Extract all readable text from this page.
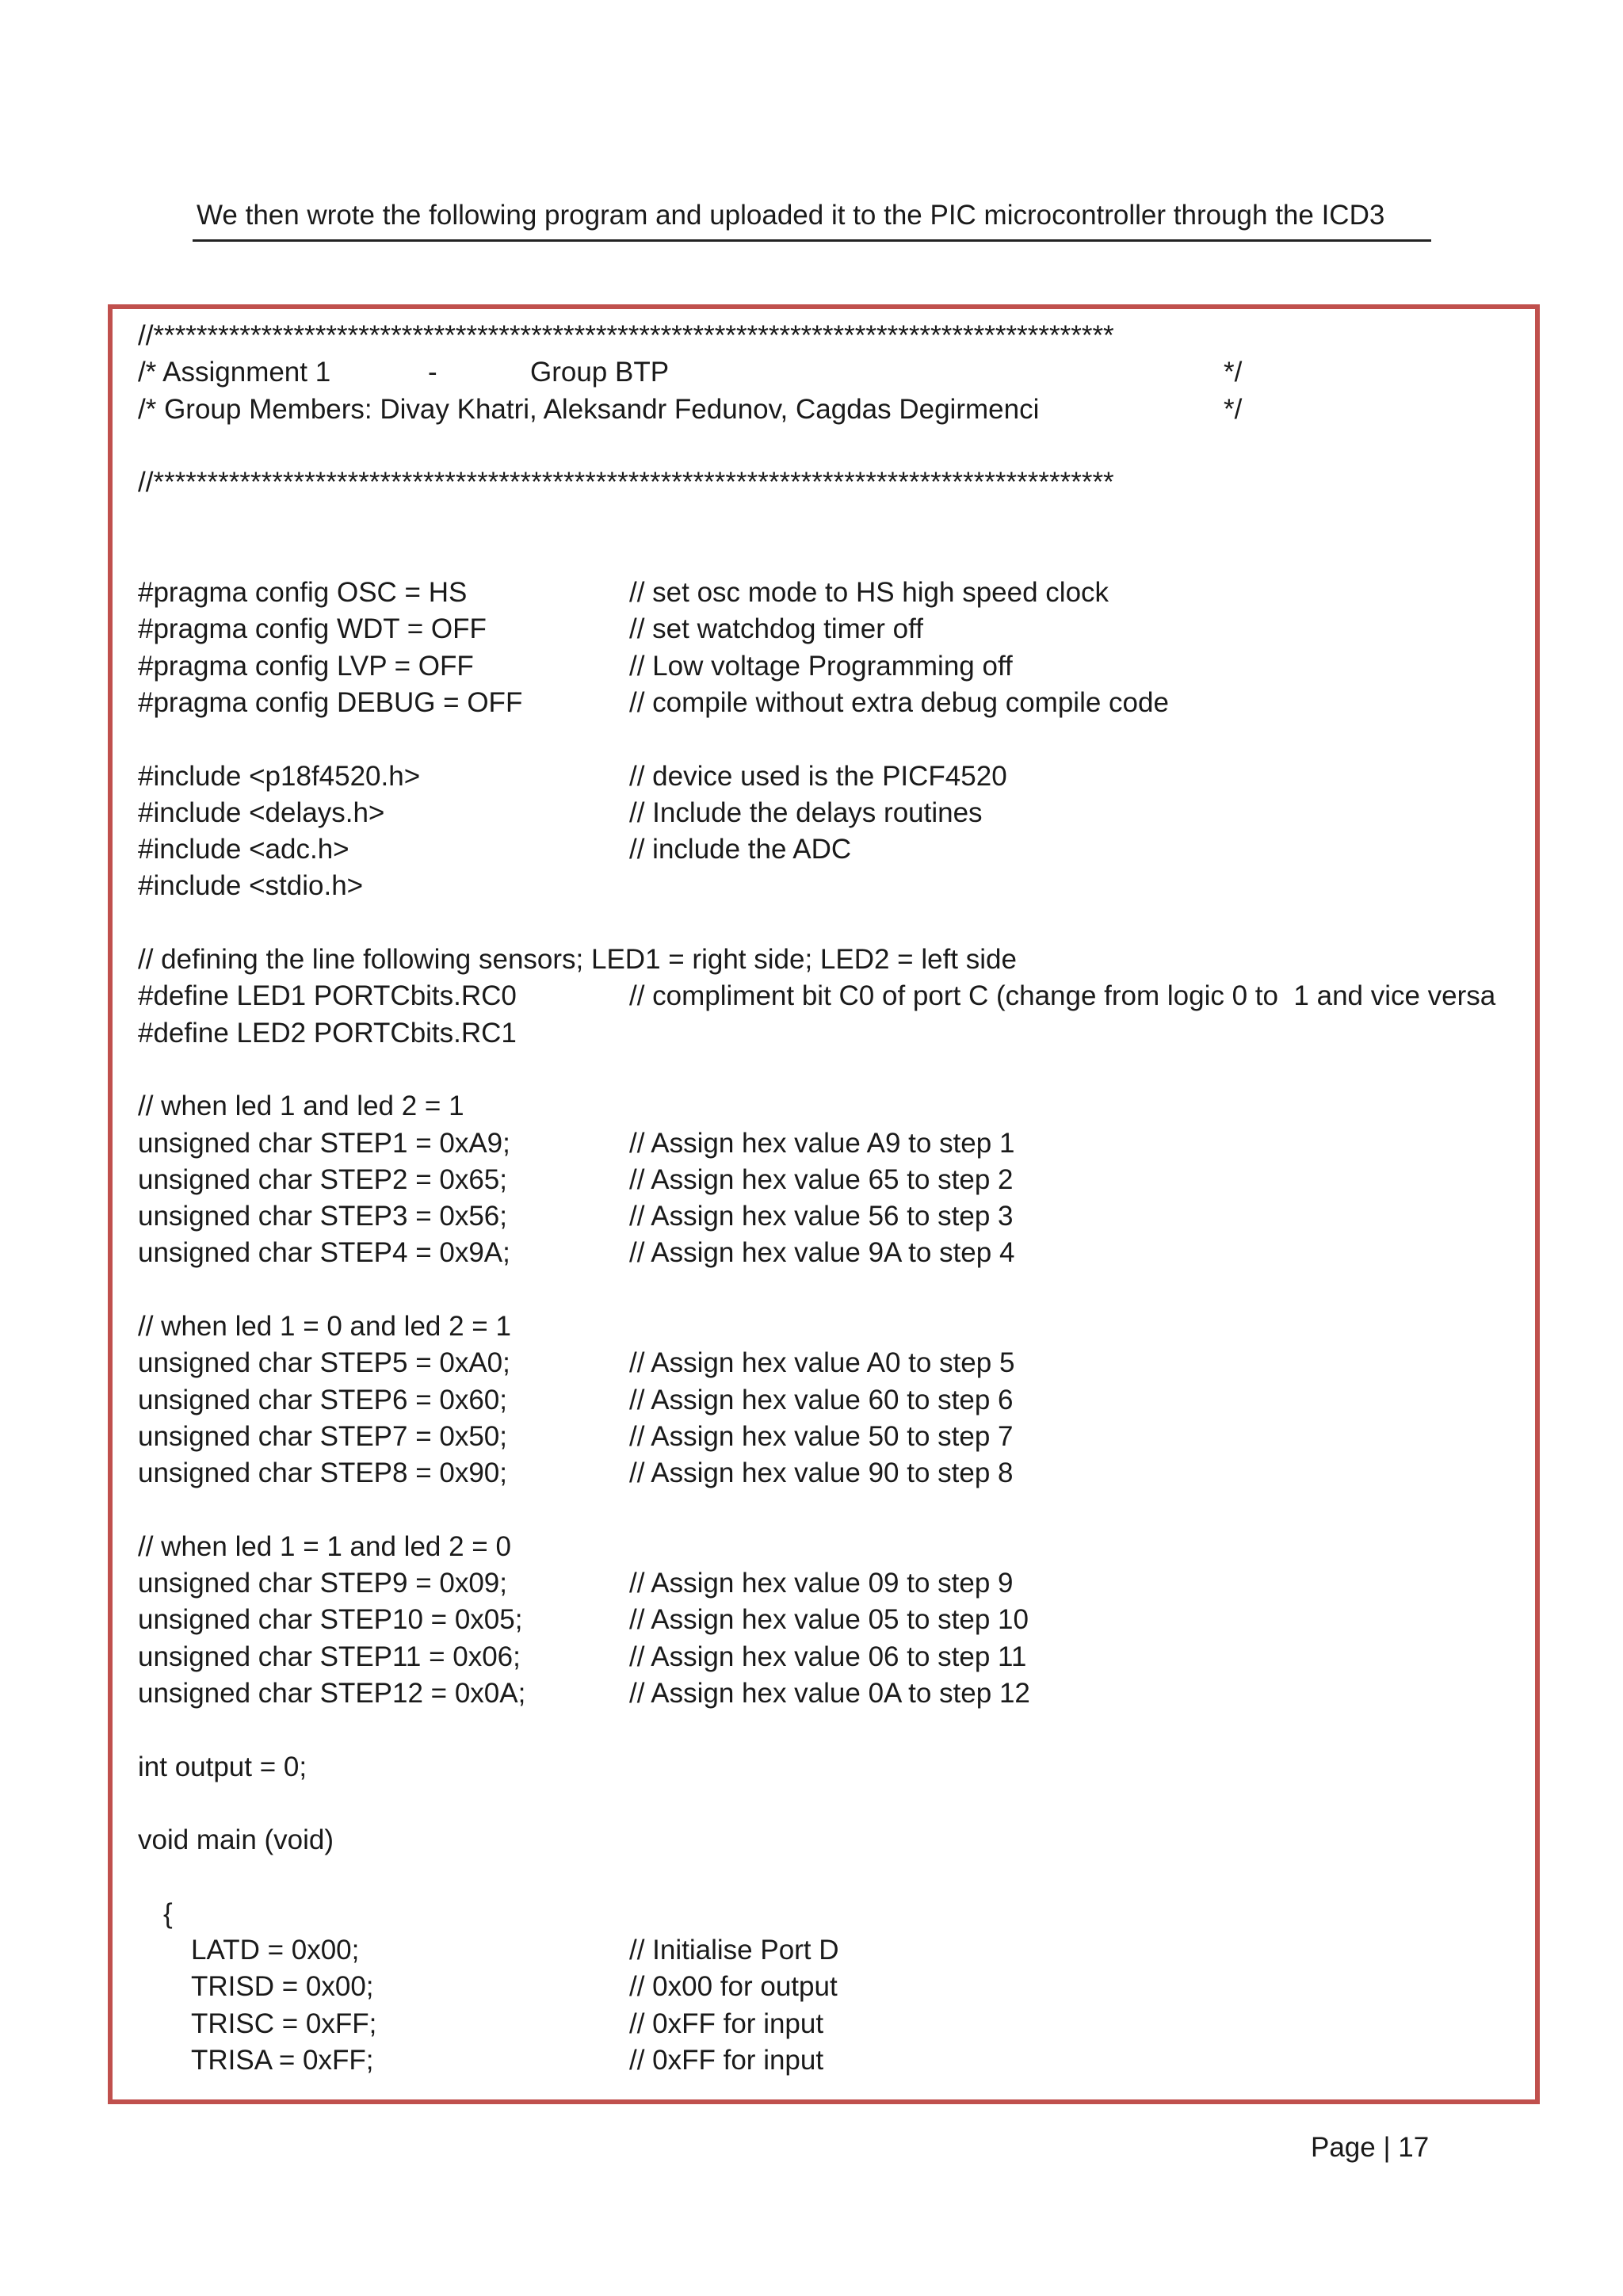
We then wrote the following program and uploaded it to the PIC microcontroller through the ICD3

//*****************************************************************************************

/* Assignment 1

	-

	Group BTP

	*/

/* Group Members: Divay Khatri, Aleksandr Fedunov, Cagdas Degirmenci

	*/

//*****************************************************************************************

#pragma config OSC = HS	// set osc mode to HS high speed clock
#pragma config WDT = OFF	// set watchdog timer off
#pragma config LVP = OFF	// Low voltage Programming off
#pragma config DEBUG = OFF	// compile without extra debug compile code
#include <p18f4520.h>	// device used is the PICF4520
#include <delays.h>	// Include the delays routines
#include <adc.h>	// include the ADC
#include <stdio.h>
// defining the line following sensors; LED1 = right side; LED2 = left side
#define LED1 PORTCbits.RC0	// compliment bit C0 of port C (change from logic 0 to  1 and vice versa
#define LED2 PORTCbits.RC1
// when led 1 and led 2 = 1
unsigned char STEP1 = 0xA9;	// Assign hex value A9 to step 1
unsigned char STEP2 = 0x65;	// Assign hex value 65 to step 2
unsigned char STEP3 = 0x56;	// Assign hex value 56 to step 3
unsigned char STEP4 = 0x9A;	// Assign hex value 9A to step 4
// when led 1 = 0 and led 2 = 1
unsigned char STEP5 = 0xA0;	// Assign hex value A0 to step 5
unsigned char STEP6 = 0x60;	// Assign hex value 60 to step 6
unsigned char STEP7 = 0x50;	// Assign hex value 50 to step 7
unsigned char STEP8 = 0x90;	// Assign hex value 90 to step 8
// when led 1 = 1 and led 2 = 0
unsigned char STEP9 = 0x09;	// Assign hex value 09 to step 9
unsigned char STEP10 = 0x05;	// Assign hex value 05 to step 10
unsigned char STEP11 = 0x06;	// Assign hex value 06 to step 11
unsigned char STEP12 = 0x0A;	// Assign hex value 0A to step 12
int output = 0;
void main (void)
{
LATD = 0x00;	// Initialise Port D
TRISD = 0x00;	// 0x00 for output
TRISC = 0xFF;	// 0xFF for input
TRISA = 0xFF;	// 0xFF for input
Page | 17
